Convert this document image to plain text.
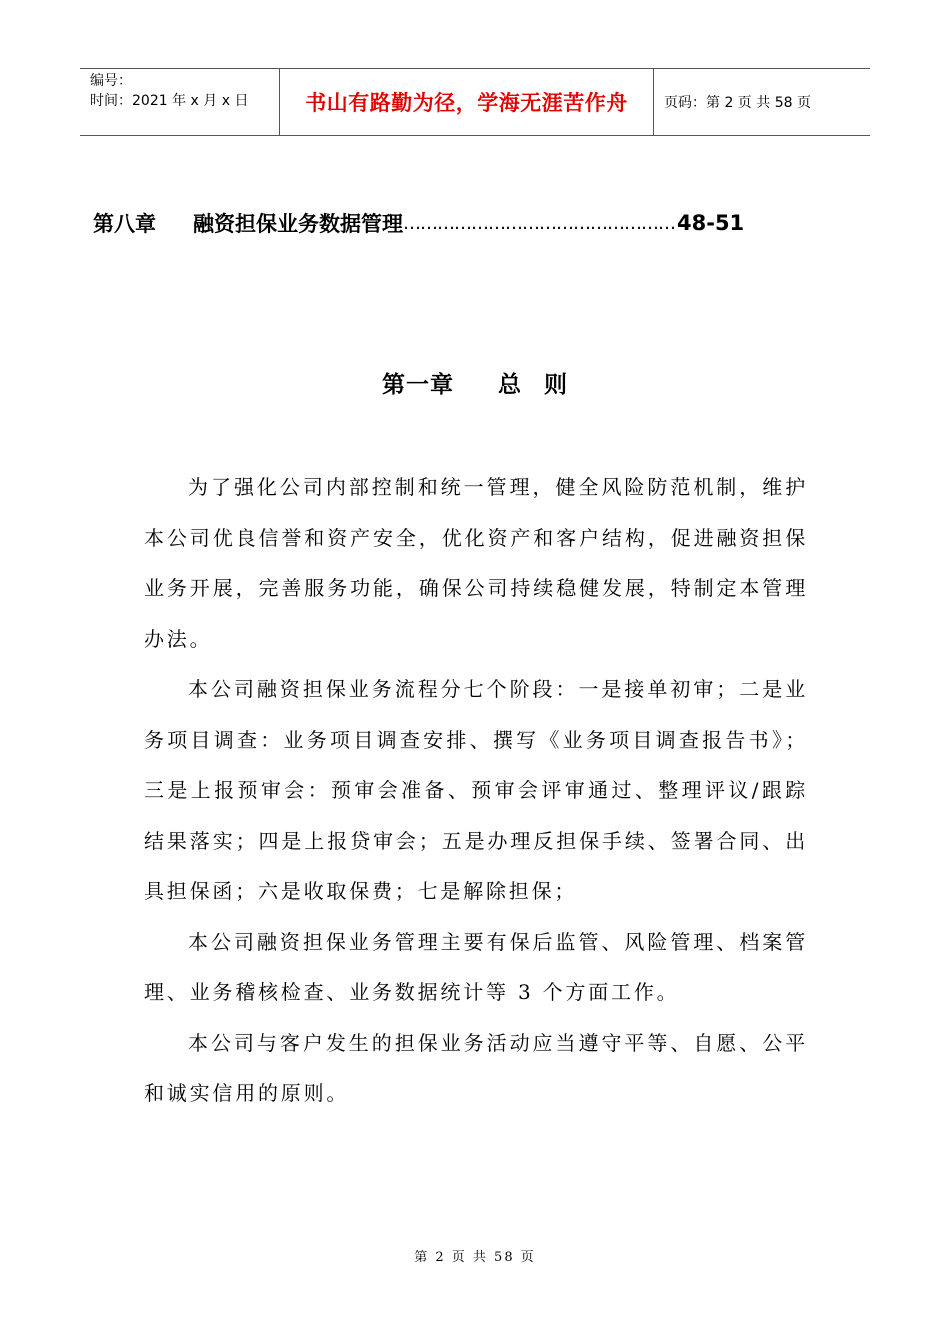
编号：
时间：2021 年 x 月 x 日	书山有路勤为径，学海无涯苦作舟	页码：第 2 页 共 58 页
第八章	融资担保业务数据管理 ………………………………………… 48-51
第一章 总 则

为了强化公司内部控制和统一管理，健全风险防范机制，维护本公司优良信誉和资产安全，优化资产和客户结构，促进融资担保业务开展，完善服务功能，确保公司持续稳健发展，特制定本管理办法。

本公司融资担保业务流程分七个阶段：一是接单初审；二是业务项目调查：业务项目调查安排、撰写《业务项目调查报告书》；三是上报预审会：预审会准备、预审会评审通过、整理评议/跟踪结果落实；四是上报贷审会；五是办理反担保手续、签署合同、出具担保函；六是收取保费；七是解除担保；

本公司融资担保业务管理主要有保后监管、风险管理、档案管理、业务稽核检查、业务数据统计等 3 个方面工作。

本公司与客户发生的担保业务活动应当遵守平等、自愿、公平和诚实信用的原则。

第 2 页 共 58 页
